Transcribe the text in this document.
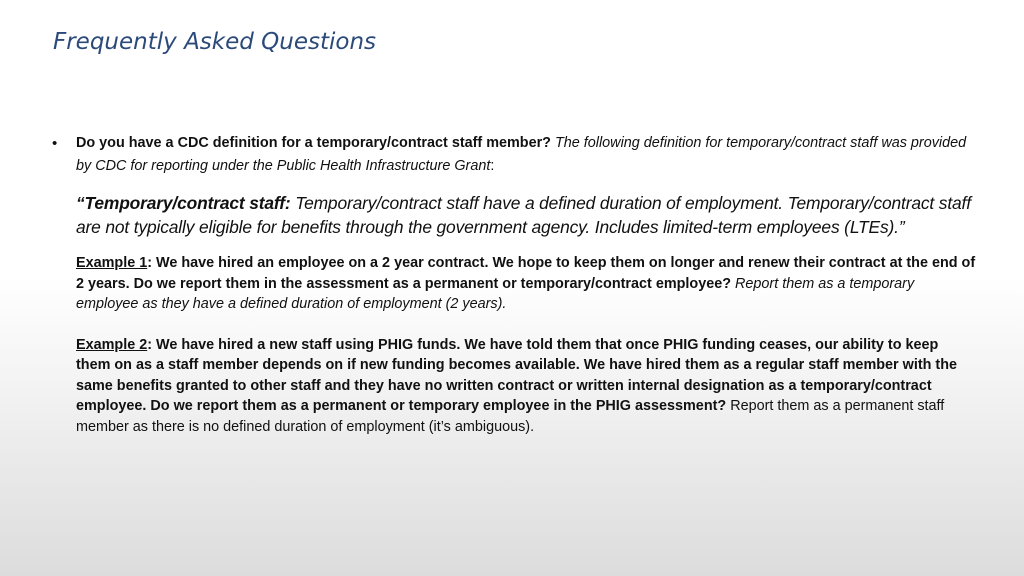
Frequently Asked Questions
• Do you have a CDC definition for a temporary/contract staff member? The following definition for temporary/contract staff was provided by CDC for reporting under the Public Health Infrastructure Grant:

“Temporary/contract staff: Temporary/contract staff have a defined duration of employment. Temporary/contract staff are not typically eligible for benefits through the government agency. Includes limited-term employees (LTEs).”

Example 1: We have hired an employee on a 2 year contract. We hope to keep them on longer and renew their contract at the end of 2 years. Do we report them in the assessment as a permanent or temporary/contract employee? Report them as a temporary employee as they have a defined duration of employment (2 years).

Example 2: We have hired a new staff using PHIG funds. We have told them that once PHIG funding ceases, our ability to keep them on as a staff member depends on if new funding becomes available. We have hired them as a regular staff member with the same benefits granted to other staff and they have no written contract or written internal designation as a temporary/contract employee. Do we report them as a permanent or temporary employee in the PHIG assessment? Report them as a permanent staff member as there is no defined duration of employment (it’s ambiguous).
